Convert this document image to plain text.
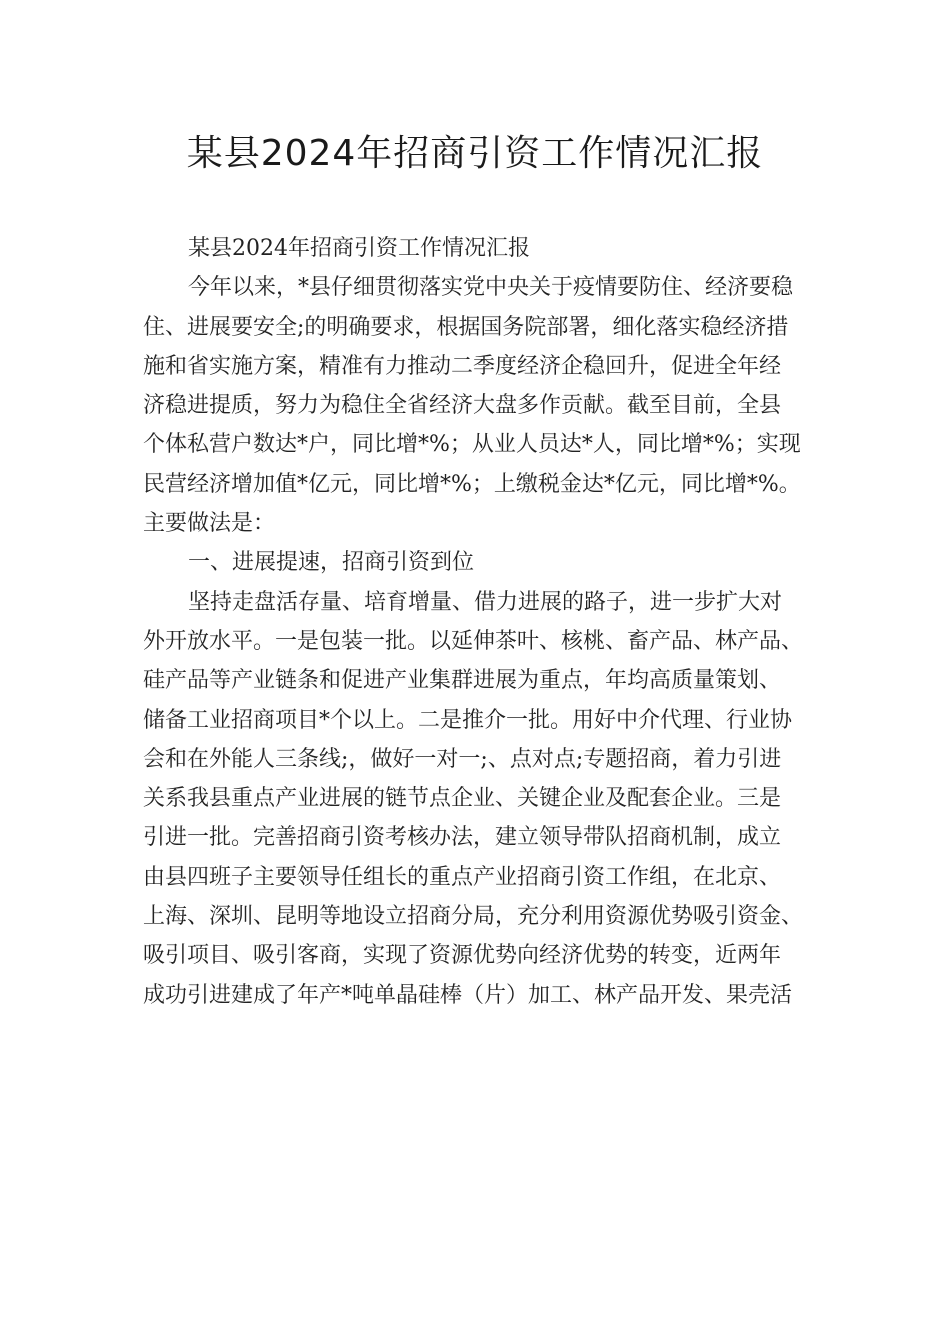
某县2024年招商引资工作情况汇报
某县2024年招商引资工作情况汇报
今年以来，*县仔细贯彻落实党中央关于疫情要防住、经济要稳
住、进展要安全;的明确要求，根据国务院部署，细化落实稳经济措
施和省实施方案，精准有力推动二季度经济企稳回升，促进全年经
济稳进提质，努力为稳住全省经济大盘多作贡献。截至目前，全县
个体私营户数达*户，同比增*%；从业人员达*人，同比增*%；实现
民营经济增加值*亿元，同比增*%；上缴税金达*亿元，同比增*%。
主要做法是：
一、进展提速，招商引资到位
坚持走盘活存量、培育增量、借力进展的路子，进一步扩大对
外开放水平。一是包装一批。以延伸茶叶、核桃、畜产品、林产品、
硅产品等产业链条和促进产业集群进展为重点，年均高质量策划、
储备工业招商项目*个以上。二是推介一批。用好中介代理、行业协
会和在外能人三条线;，做好一对一;、点对点;专题招商，着力引进
关系我县重点产业进展的链节点企业、关键企业及配套企业。三是
引进一批。完善招商引资考核办法，建立领导带队招商机制，成立
由县四班子主要领导任组长的重点产业招商引资工作组，在北京、
上海、深圳、昆明等地设立招商分局，充分利用资源优势吸引资金、
吸引项目、吸引客商，实现了资源优势向经济优势的转变，近两年
成功引进建成了年产*吨单晶硅棒（片）加工、林产品开发、果壳活
